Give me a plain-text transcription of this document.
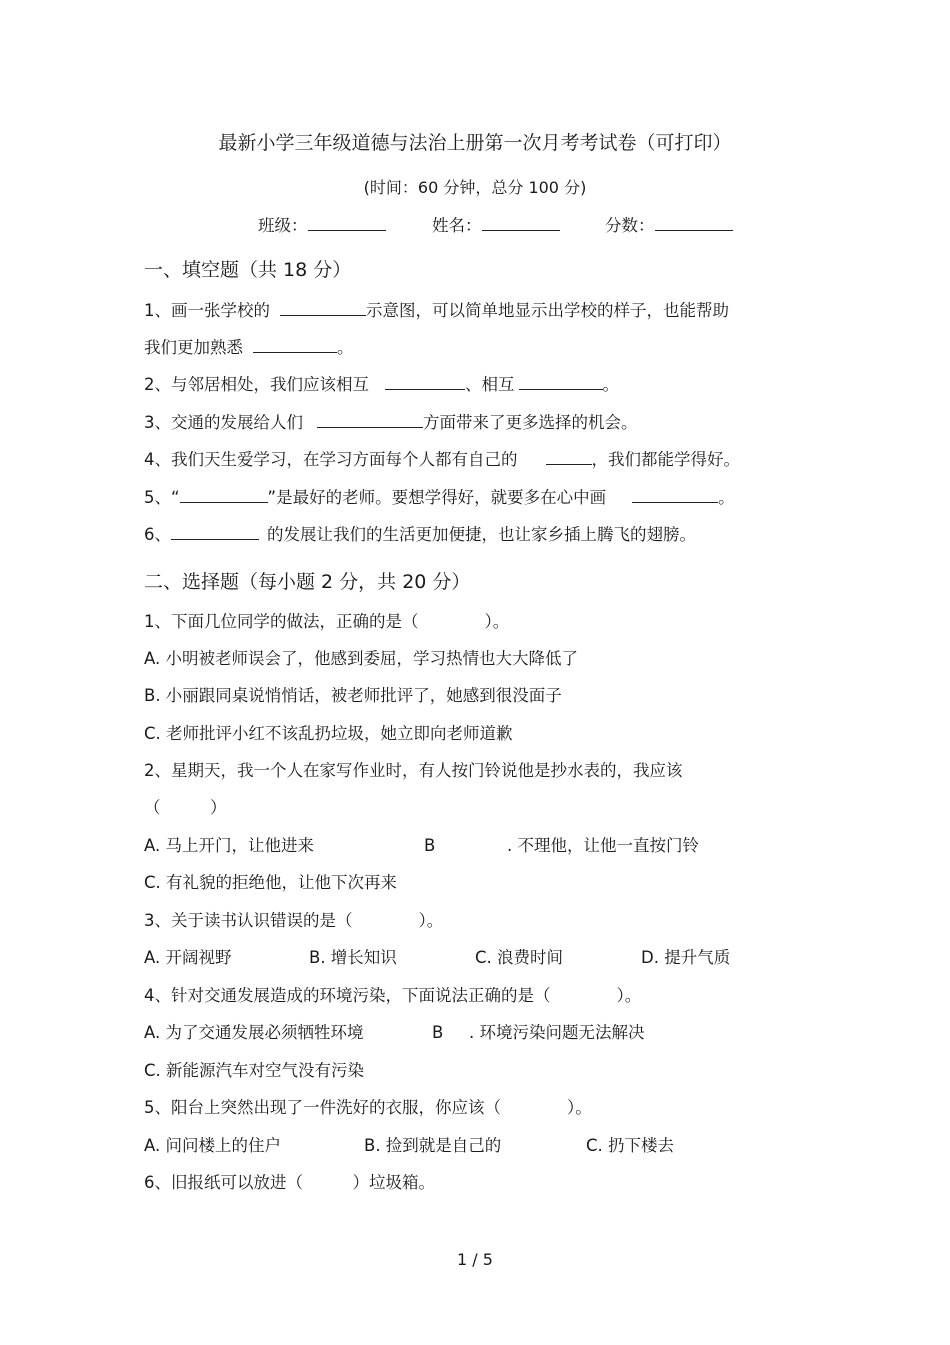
最新小学三年级道德与法治上册第一次月考考试卷（可打印）
(时间：60 分钟，总分 100 分)
班级：	姓名：	分数：
一、填空题（共 18 分）
1、画一张学校的	示意图，可以简单地显示出学校的样子，也能帮助
我们更加熟悉	。
2、与邻居相处，我们应该相互	、相互	。
3、交通的发展给人们	方面带来了更多选择的机会。
4、我们天生爱学习，在学习方面每个人都有自己的	，我们都能学得好。
5、“	”是最好的老师。要想学得好，就要多在心中画	。
6、	的发展让我们的生活更加便捷，也让家乡插上腾飞的翅膀。
二、选择题（每小题 2 分，共 20 分）
1、下面几位同学的做法，正确的是（　　　　）。
A. 小明被老师误会了，他感到委屈，学习热情也大大降低了
B. 小丽跟同桌说悄悄话，被老师批评了，她感到很没面子
C. 老师批评小红不该乱扔垃圾，她立即向老师道歉
2、星期天，我一个人在家写作业时，有人按门铃说他是抄水表的，我应该
（　　　）
A. 马上开门，让他进来	B	. 不理他，让他一直按门铃
C. 有礼貌的拒绝他，让他下次再来
3、关于读书认识错误的是（　　　　）。
A. 开阔视野	B. 增长知识	C. 浪费时间	D. 提升气质
4、针对交通发展造成的环境污染，下面说法正确的是（　　　　）。
A. 为了交通发展必须牺牲环境	B . 环境污染问题无法解决
C. 新能源汽车对空气没有污染
5、阳台上突然出现了一件洗好的衣服，你应该（　　　　）。
A. 问问楼上的住户	B. 捡到就是自己的	C. 扔下楼去
6、旧报纸可以放进（　　　）垃圾箱。
1 / 5
